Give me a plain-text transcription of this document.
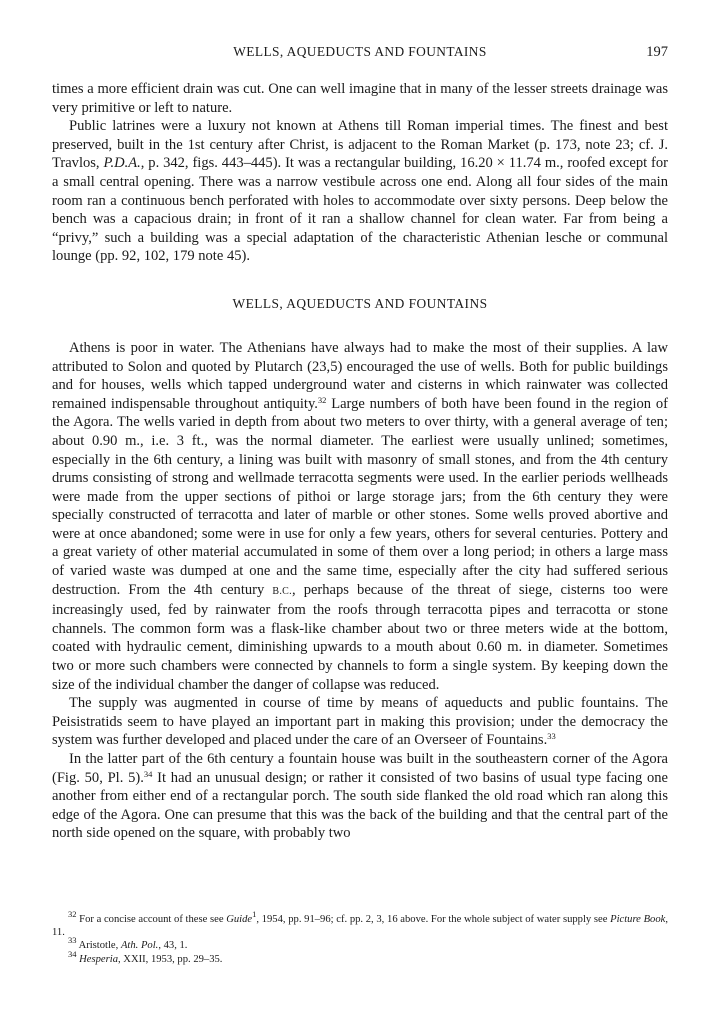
WELLS, AQUEDUCTS AND FOUNTAINS	197

times a more efficient drain was cut. One can well imagine that in many of the lesser streets drainage was very primitive or left to nature.

Public latrines were a luxury not known at Athens till Roman imperial times. The finest and best preserved, built in the 1st century after Christ, is adjacent to the Roman Market (p. 173, note 23; cf. J. Travlos, P.D.A., p. 342, figs. 443–445). It was a rectangular building, 16.20 × 11.74 m., roofed except for a small central opening. There was a narrow vestibule across one end. Along all four sides of the main room ran a continuous bench perforated with holes to accommodate over sixty persons. Deep below the bench was a capacious drain; in front of it ran a shallow channel for clean water. Far from being a “privy,” such a building was a special adaptation of the characteristic Athenian lesche or communal lounge (pp. 92, 102, 179 note 45).

WELLS, AQUEDUCTS AND FOUNTAINS

Athens is poor in water. The Athenians have always had to make the most of their supplies. A law attributed to Solon and quoted by Plutarch (23,5) encouraged the use of wells. Both for public buildings and for houses, wells which tapped underground water and cisterns in which rainwater was collected remained indispensable throughout antiquity.$^{32}$ Large numbers of both have been found in the region of the Agora. The wells varied in depth from about two meters to over thirty, with a general average of ten; about 0.90 m., i.e. 3 ft., was the normal diameter. The earliest were usually unlined; sometimes, especially in the 6th century, a lining was built with masonry of small stones, and from the 4th century drums consisting of strong and wellmade terracotta segments were used. In the earlier periods wellheads were made from the upper sections of pithoi or large storage jars; from the 6th century they were specially constructed of terracotta and later of marble or other stones. Some wells proved abortive and were at once abandoned; some were in use for only a few years, others for several centuries. Pottery and a great variety of other material accumulated in some of them over a long period; in others a large mass of varied waste was dumped at one and the same time, especially after the city had suffered serious destruction. From the 4th century B.C., perhaps because of the threat of siege, cisterns too were increasingly used, fed by rainwater from the roofs through terracotta pipes and terracotta or stone channels. The common form was a flask-like chamber about two or three meters wide at the bottom, coated with hydraulic cement, diminishing upwards to a mouth about 0.60 m. in diameter. Sometimes two or more such chambers were connected by channels to form a single system. By keeping down the size of the individual chamber the danger of collapse was reduced.

The supply was augmented in course of time by means of aqueducts and public fountains. The Peisistratids seem to have played an important part in making this provision; under the democracy the system was further developed and placed under the care of an Overseer of Fountains.$^{33}$

In the latter part of the 6th century a fountain house was built in the southeastern corner of the Agora (Fig. 50, Pl. 5).$^{34}$ It had an unusual design; or rather it consisted of two basins of usual type facing one another from either end of a rectangular porch. The south side flanked the old road which ran along this edge of the Agora. One can presume that this was the back of the building and that the central part of the north side opened on the square, with probably two

$^{32}$ For a concise account of these see Guide$^1$, 1954, pp. 91–96; cf. pp. 2, 3, 16 above. For the whole subject of water supply see Picture Book, 11.

$^{33}$ Aristotle, Ath. Pol., 43, 1.

$^{34}$ Hesperia, XXII, 1953, pp. 29–35.
